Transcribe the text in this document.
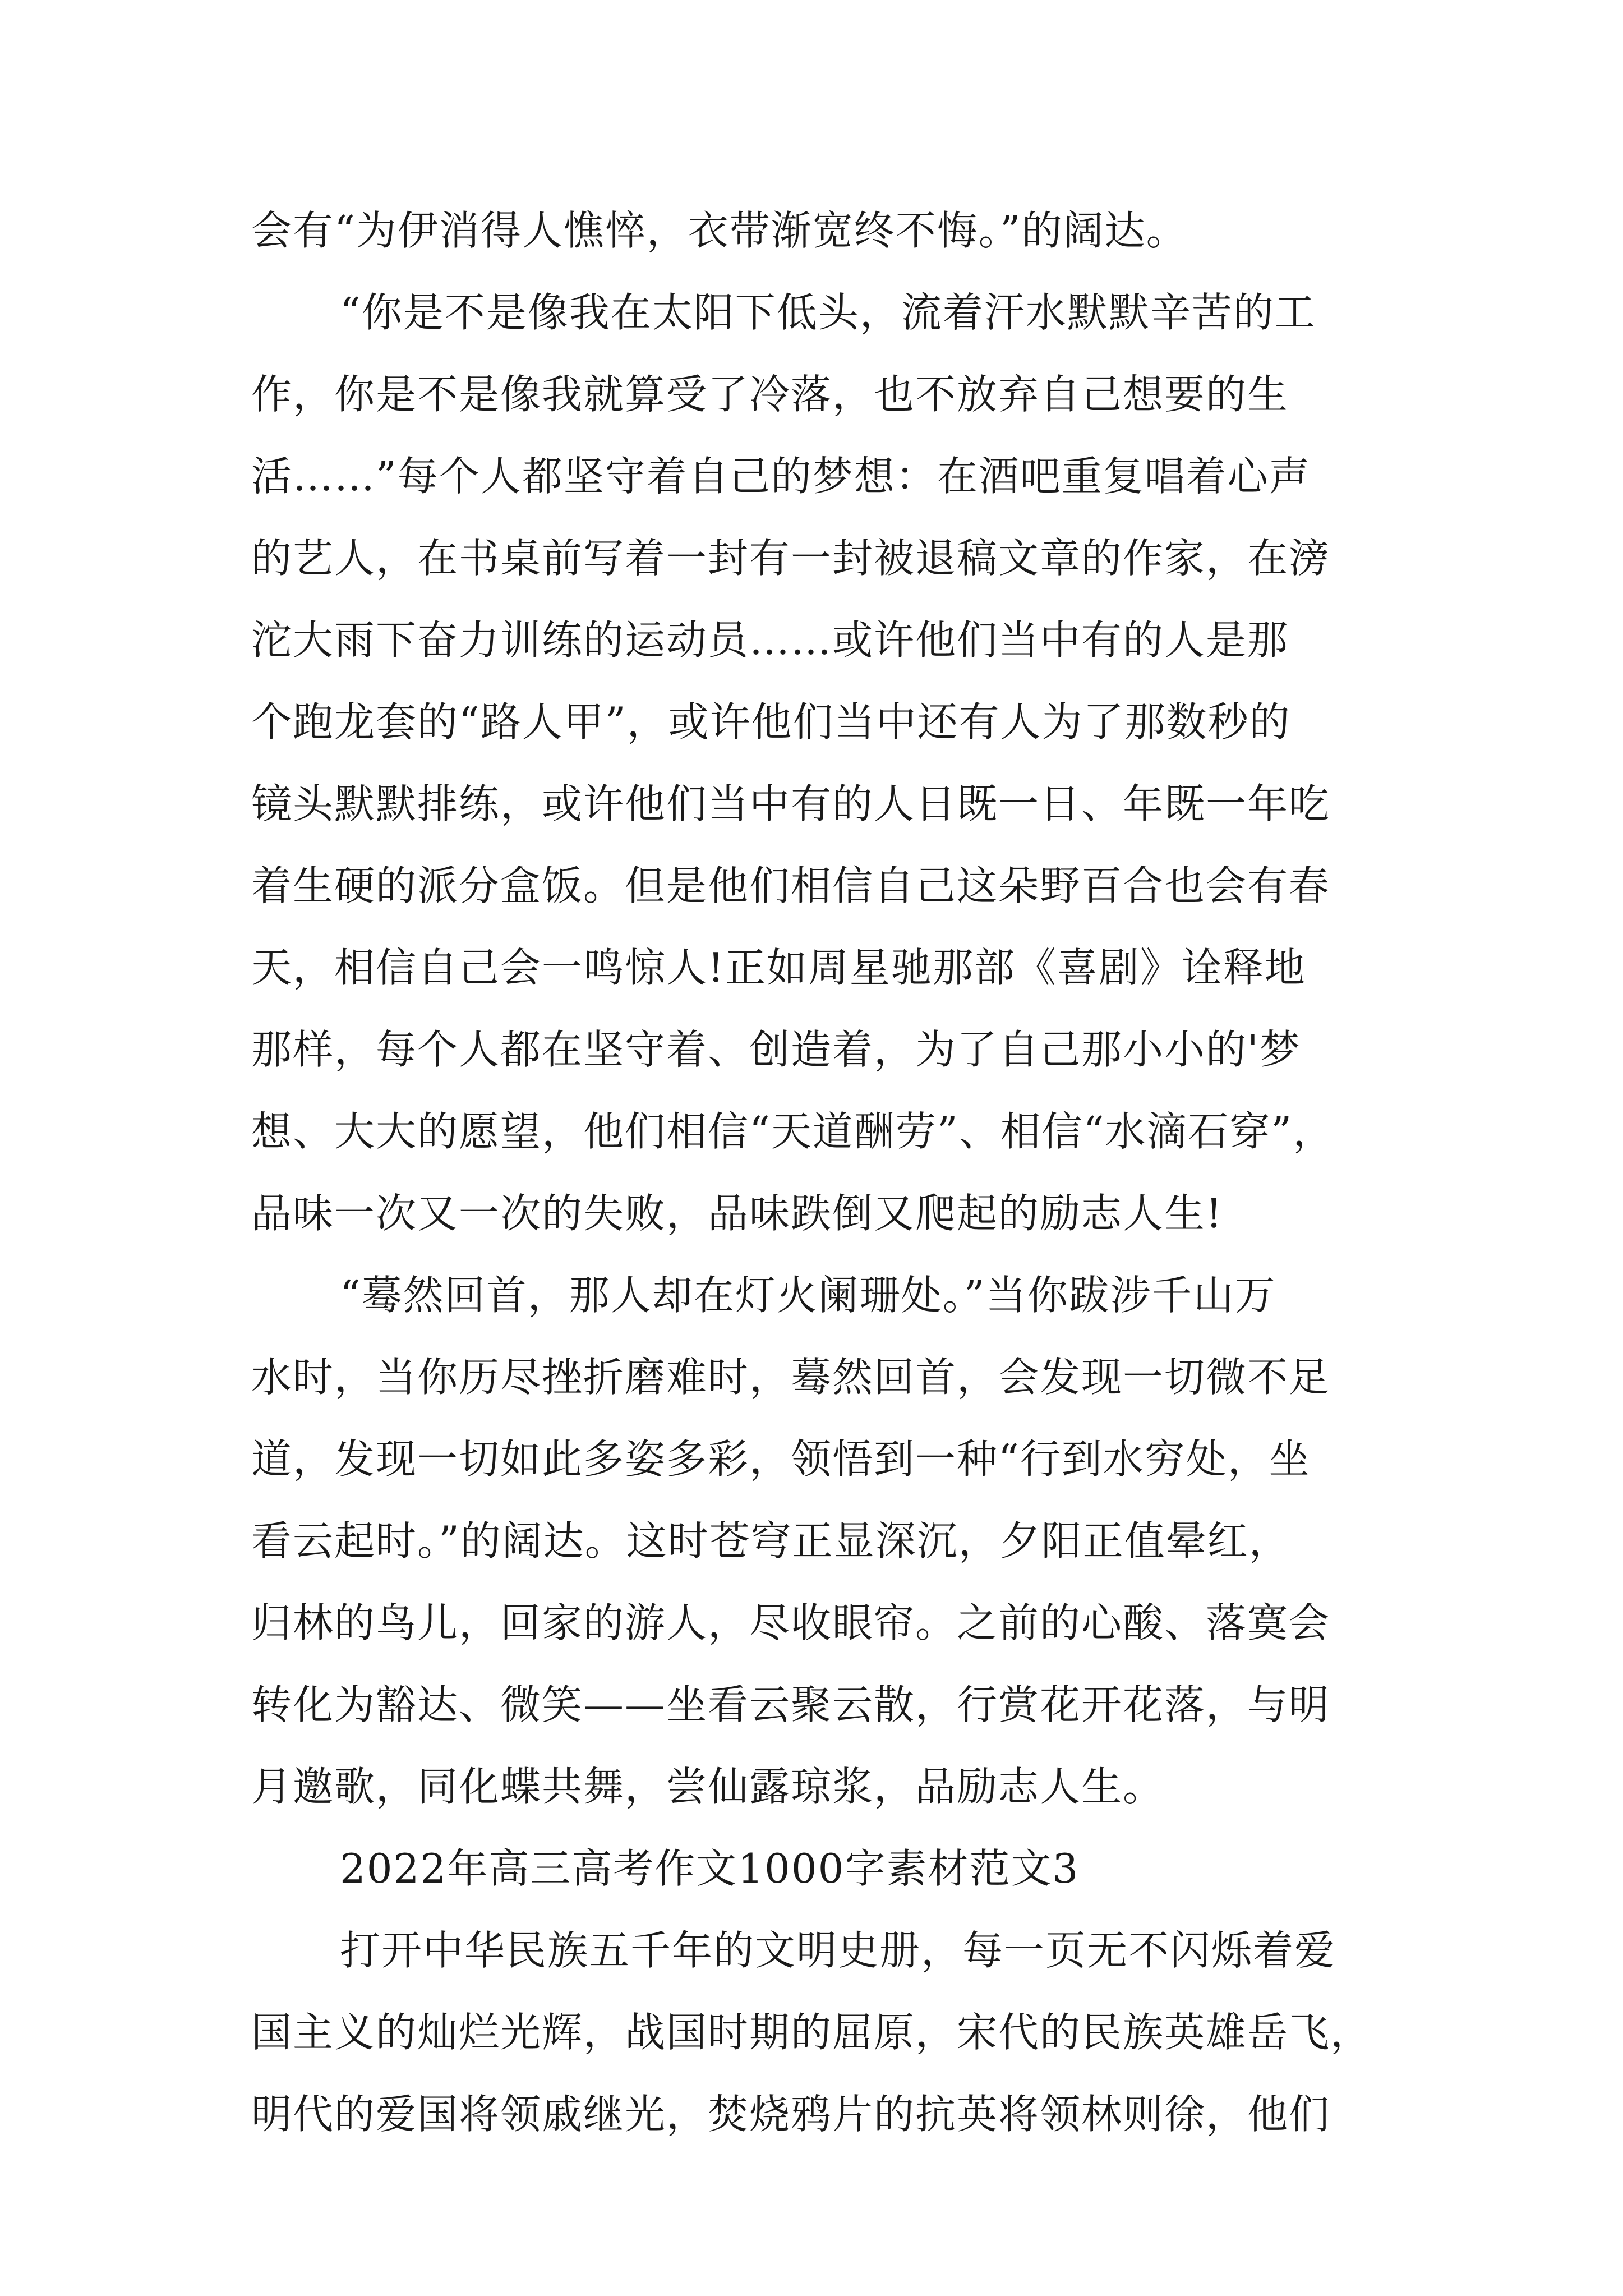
会有“为伊消得人憔悴，衣带渐宽终不悔。”的阔达。
“你是不是像我在太阳下低头，流着汗水默默辛苦的工
作，你是不是像我就算受了冷落，也不放弃自己想要的生
活……”每个人都坚守着自己的梦想：在酒吧重复唱着心声
的艺人，在书桌前写着一封有一封被退稿文章的作家，在滂
沱大雨下奋力训练的运动员……或许他们当中有的人是那
个跑龙套的“路人甲”，或许他们当中还有人为了那数秒的
镜头默默排练，或许他们当中有的人日既一日、年既一年吃
着生硬的派分盒饭。但是他们相信自己这朵野百合也会有春
天，相信自己会一鸣惊人!正如周星驰那部《喜剧》诠释地
那样，每个人都在坚守着、创造着，为了自己那小小的'梦
想、大大的愿望，他们相信“天道酬劳”、相信“水滴石穿”，
品味一次又一次的失败，品味跌倒又爬起的励志人生!
“蓦然回首，那人却在灯火阑珊处。”当你跋涉千山万
水时，当你历尽挫折磨难时，蓦然回首，会发现一切微不足
道，发现一切如此多姿多彩，领悟到一种“行到水穷处，坐
看云起时。”的阔达。这时苍穹正显深沉，夕阳正值晕红，
归林的鸟儿，回家的游人，尽收眼帘。之前的心酸、落寞会
转化为豁达、微笑——坐看云聚云散，行赏花开花落，与明
月邀歌，同化蝶共舞，尝仙露琼浆，品励志人生。
2022年高三高考作文1000字素材范文3
打开中华民族五千年的文明史册，每一页无不闪烁着爱
国主义的灿烂光辉，战国时期的屈原，宋代的民族英雄岳飞，
明代的爱国将领戚继光，焚烧鸦片的抗英将领林则徐，他们
